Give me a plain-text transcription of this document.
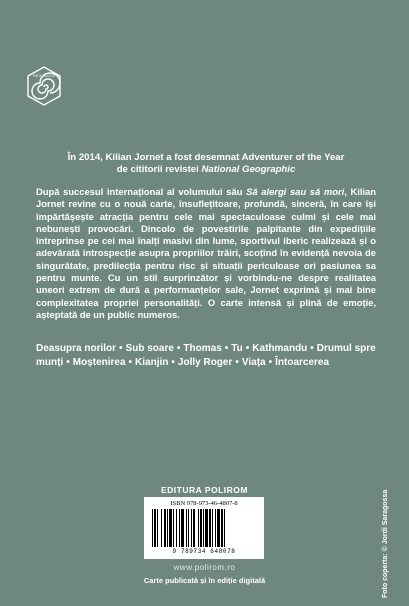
SEXAGON
În 2014, Kilian Jornet a fost desemnat Adventurer of the Year
de cititorii revistei National Geographic

După succesul internațional al volumului său Să alergi sau să mori, Kilian Jornet revine cu o nouă carte, însuflețitoare, profundă, sinceră, în care își împărtășește atracția pentru cele mai spectaculoase culmi și cele mai nebunești provocări. Dincolo de povestirile palpitante din expedițiile întreprinse pe cei mai înalți masivi din lume, sportivul iberic realizează și o adevărată introspecție asupra propriilor trăiri, scoțînd în evidență nevoia de singurătate, predilecția pentru risc și situații periculoase ori pasiunea sa pentru munte. Cu un stil surprinzător și vorbindu-ne despre realitatea uneori extrem de dură a performanțelor sale, Jornet exprimă și mai bine complexitatea propriei personalități. O carte intensă și plină de emoție, așteptată de un public numeros.

Deasupra norilor • Sub soare • Thomas • Tu • Kathmandu • Drumul spre munți • Moștenirea • Kianjin • Jolly Roger • Viața • Întoarcerea

EDITURA POLIROM
ISBN 978-973-46-4807-8
9 789734 648078
www.polirom.ro
Carte publicată și în ediție digitală	Foto coperta: © Jordi Saragossa
